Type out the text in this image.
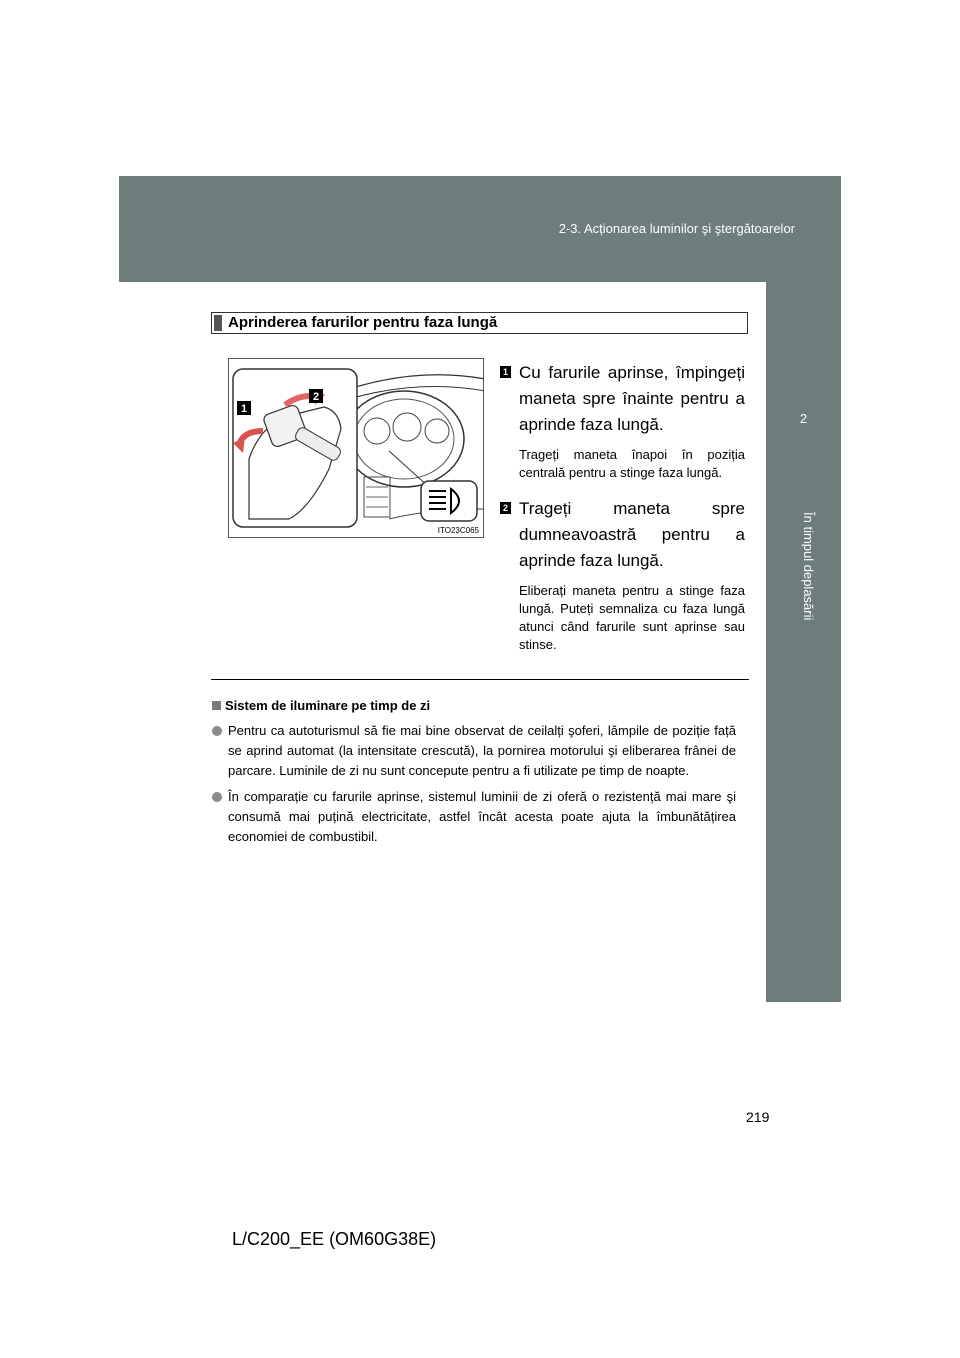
2-3. Acționarea luminilor şi ştergătoarelor
2
În timpul deplasării
Aprinderea farurilor pentru faza lungă
1
2
ITO23C065
1 Cu farurile aprinse, împingeți maneta spre înainte pentru a aprinde faza lungă.
Trageți maneta înapoi în poziția centrală pentru a stinge faza lungă.
2 Trageți maneta spre dumneavoastră pentru a aprinde faza lungă.
Eliberați maneta pentru a stinge faza lungă. Puteți semnaliza cu faza lungă atunci când farurile sunt aprinse sau stinse.
Sistem de iluminare pe timp de zi
Pentru ca autoturismul să fie mai bine observat de ceilalți şoferi, lămpile de poziție față se aprind automat (la intensitate crescută), la pornirea motorului şi eliberarea frânei de parcare. Luminile de zi nu sunt concepute pentru a fi utilizate pe timp de noapte.
În comparație cu farurile aprinse, sistemul luminii de zi oferă o rezistență mai mare şi consumă mai puțină electricitate, astfel încât acesta poate ajuta la îmbunătățirea economiei de combustibil.
219
L/C200_EE (OM60G38E)
